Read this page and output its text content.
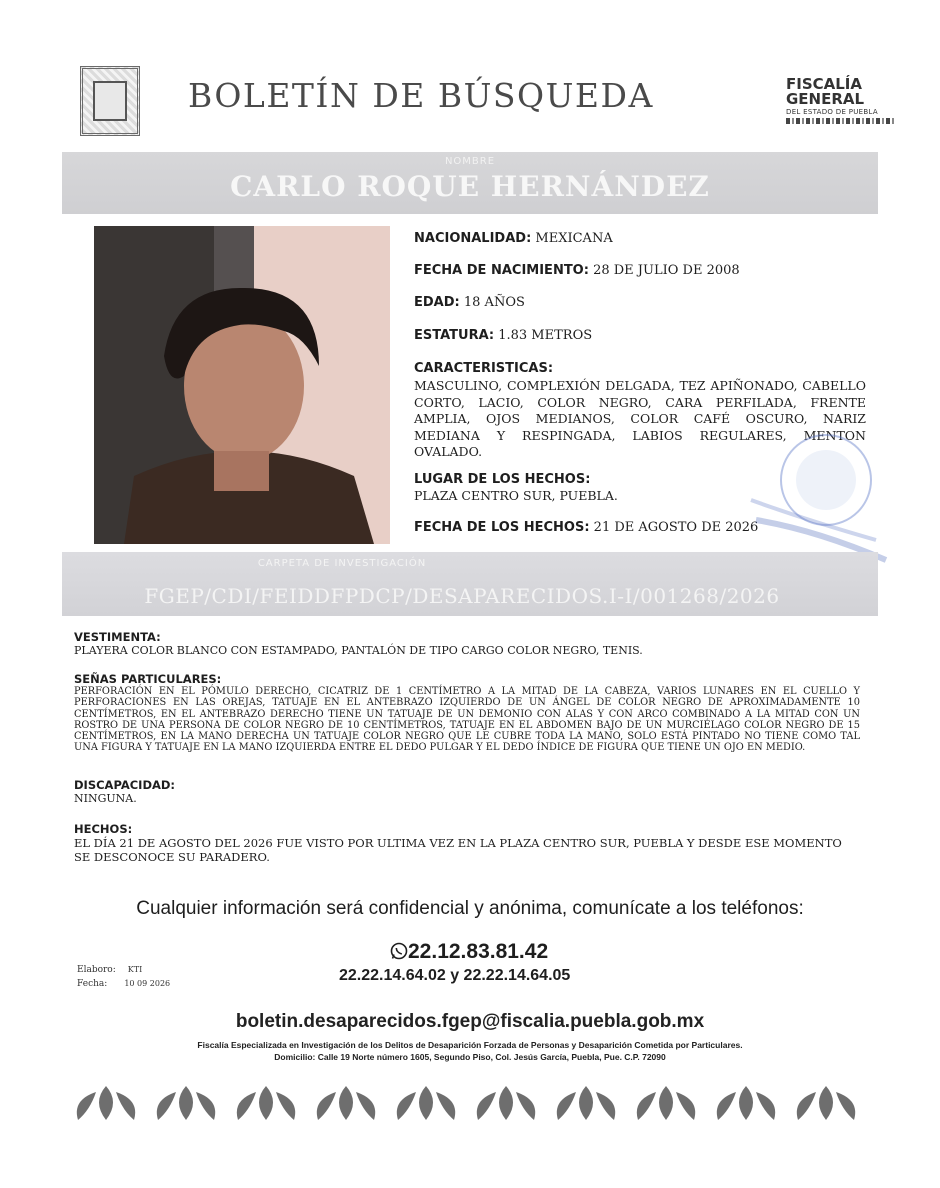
BOLETÍN DE BÚSQUEDA	FISCALÍA
GENERAL
DEL ESTADO DE PUEBLA
NOMBRE
CARLO ROQUE HERNÁNDEZ
NACIONALIDAD: MEXICANA
FECHA DE NACIMIENTO: 28 DE JULIO DE 2008
EDAD: 18 AÑOS
ESTATURA: 1.83 METROS
CARACTERISTICAS:
MASCULINO, COMPLEXIÓN DELGADA, TEZ APIÑONADO, CABELLO CORTO, LACIO, COLOR NEGRO, CARA PERFILADA, FRENTE AMPLIA, OJOS MEDIANOS, COLOR CAFÉ OSCURO, NARIZ MEDIANA Y RESPINGADA, LABIOS REGULARES, MENTON OVALADO.
LUGAR DE LOS HECHOS:
PLAZA CENTRO SUR, PUEBLA.
FECHA DE LOS HECHOS: 21 DE AGOSTO DE 2026
CARPETA DE INVESTIGACIÓN
FGEP/CDI/FEIDDFPDCP/DESAPARECIDOS.I-I/001268/2026
VESTIMENTA:
PLAYERA COLOR BLANCO CON ESTAMPADO, PANTALÓN DE TIPO CARGO COLOR NEGRO, TENIS.
SEÑAS PARTICULARES:
PERFORACIÓN EN EL PÓMULO DERECHO, CICATRIZ DE 1 CENTÍMETRO A LA MITAD DE LA CABEZA, VARIOS LUNARES EN EL CUELLO Y PERFORACIONES EN LAS OREJAS, TATUAJE EN EL ANTEBRAZO IZQUIERDO DE UN ÁNGEL DE COLOR NEGRO DE APROXIMADAMENTE 10 CENTÍMETROS, EN EL ANTEBRAZO DERECHO TIENE UN TATUAJE DE UN DEMONIO CON ALAS Y CON ARCO COMBINADO A LA MITAD CON UN ROSTRO DE UNA PERSONA DE COLOR NEGRO DE 10 CENTÍMETROS, TATUAJE EN EL ABDOMEN BAJO DE UN MURCIÉLAGO COLOR NEGRO DE 15 CENTÍMETROS, EN LA MANO DERECHA UN TATUAJE COLOR NEGRO QUE LE CUBRE TODA LA MANO, SOLO ESTÁ PINTADO NO TIENE COMO TAL UNA FIGURA Y TATUAJE EN LA MANO IZQUIERDA ENTRE EL DEDO PULGAR Y EL DEDO ÍNDICE DE FIGURA QUE TIENE UN OJO EN MEDIO.
DISCAPACIDAD:
NINGUNA.
HECHOS:
EL DÍA 21 DE AGOSTO DEL 2026 FUE VISTO POR ULTIMA VEZ EN LA PLAZA CENTRO SUR, PUEBLA Y DESDE ESE MOMENTO SE DESCONOCE SU PARADERO.
Cualquier información será confidencial y anónima, comunícate a los teléfonos:
22.12.83.81.42
22.22.14.64.02 y 22.22.14.64.05
Elaboro: KTI
Fecha: 10 09 2026
boletin.desaparecidos.fgep@fiscalia.puebla.gob.mx
Fiscalía Especializada en Investigación de los Delitos de Desaparición Forzada de Personas y Desaparición Cometida por Particulares.
Domicilio: Calle 19 Norte número 1605, Segundo Piso, Col. Jesús García, Puebla, Pue. C.P. 72090
